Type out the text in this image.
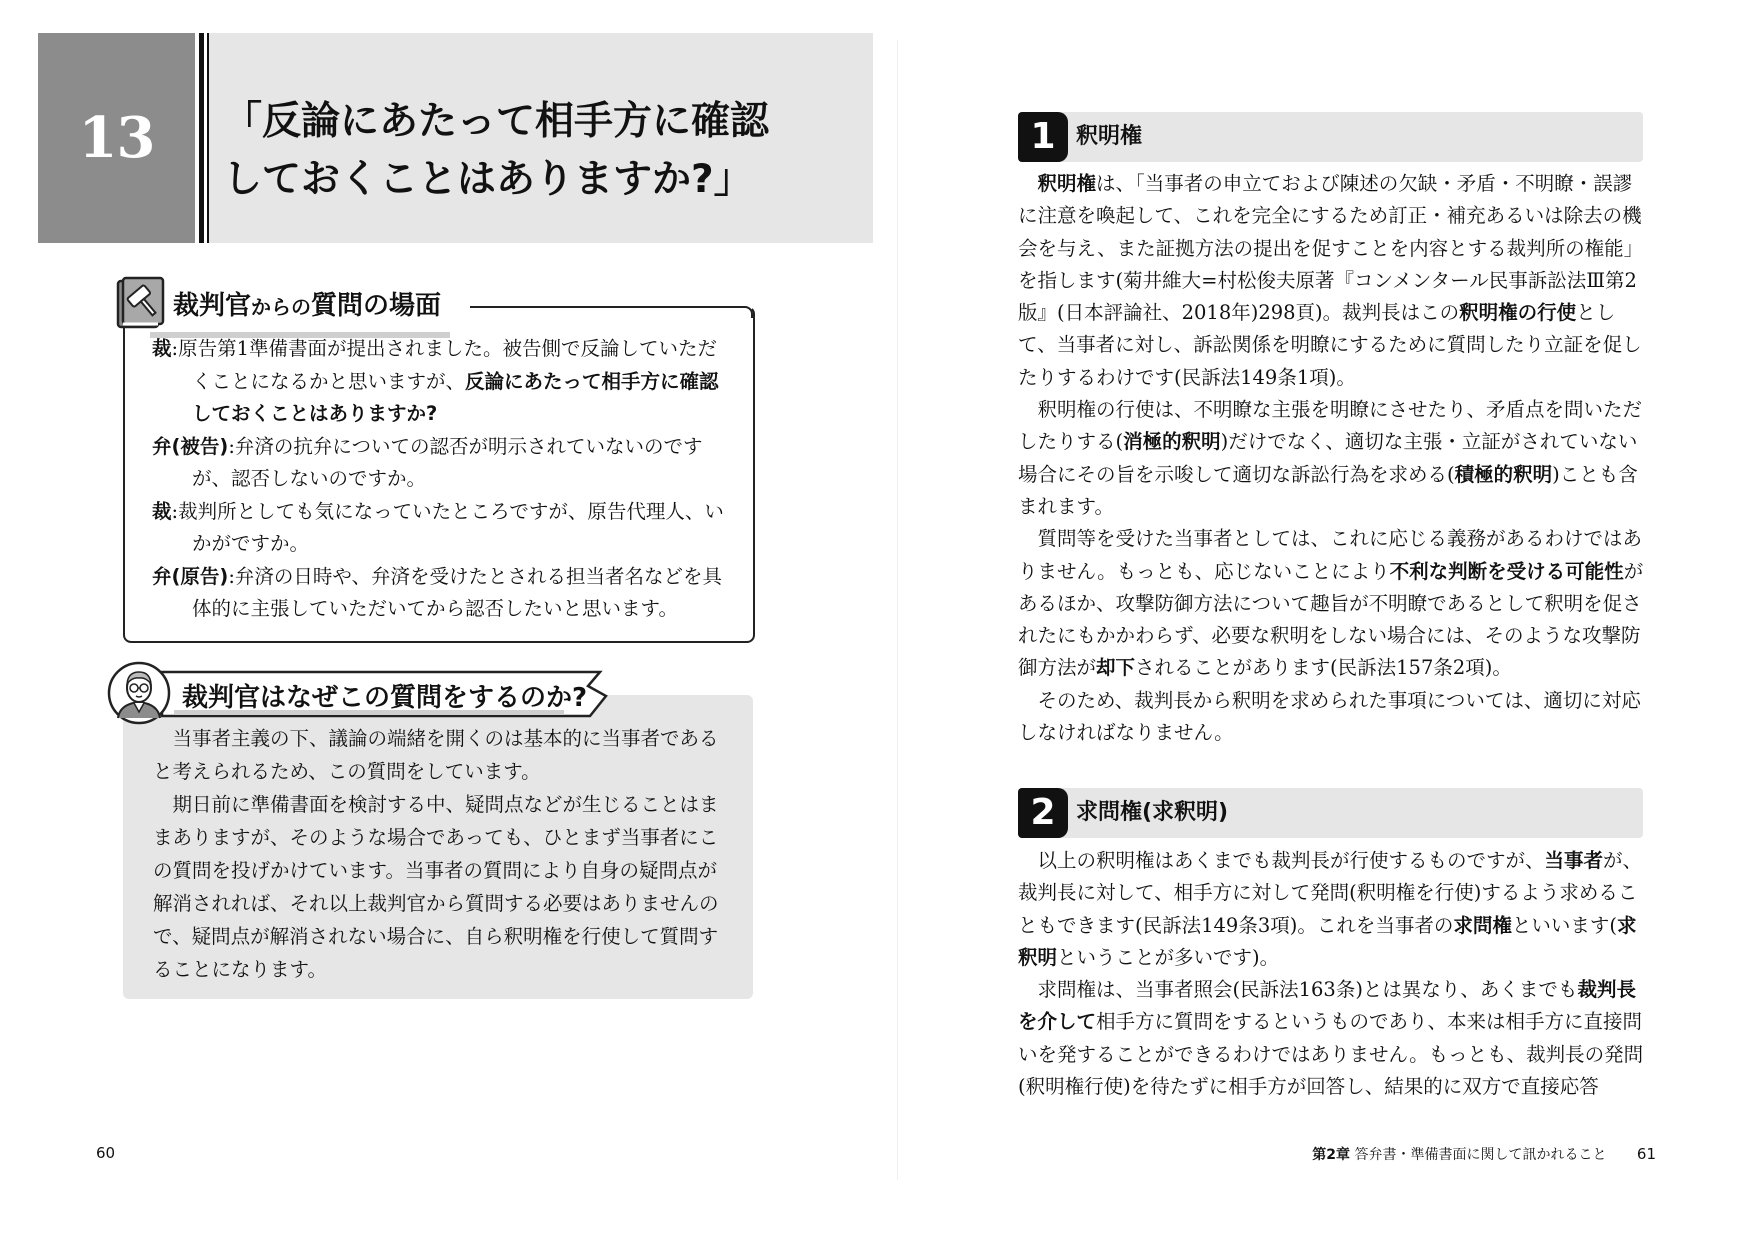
13	「反論にあたって相手方に確認
しておくことはありますか?」
裁判官からの質問の場面
裁:原告第1準備書面が提出されました。被告側で反論していただくことになるかと思いますが、反論にあたって相手方に確認しておくことはありますか?
弁(被告):弁済の抗弁についての認否が明示されていないのですが、認否しないのですか。
裁:裁判所としても気になっていたところですが、原告代理人、いかがですか。
弁(原告):弁済の日時や、弁済を受けたとされる担当者名などを具体的に主張していただいてから認否したいと思います。
裁判官はなぜこの質問をするのか?

当事者主義の下、議論の端緒を開くのは基本的に当事者であると考えられるため、この質問をしています。

期日前に準備書面を検討する中、疑問点などが生じることはままありますが、そのような場合であっても、ひとまず当事者にこの質問を投げかけています。当事者の質問により自身の疑問点が解消されれば、それ以上裁判官から質問する必要はありませんので、疑問点が解消されない場合に、自ら釈明権を行使して質問することになります。

60
1 釈明権

釈明権は、「当事者の申立ておよび陳述の欠缺・矛盾・不明瞭・誤謬に注意を喚起して、これを完全にするため訂正・補充あるいは除去の機会を与え、また証拠方法の提出を促すことを内容とする裁判所の権能」を指します(菊井維大=村松俊夫原著『コンメンタール民事訴訟法Ⅲ第2版』(日本評論社、2018年)298頁)。裁判長はこの釈明権の行使として、当事者に対し、訴訟関係を明瞭にするために質問したり立証を促したりするわけです(民訴法149条1項)。

釈明権の行使は、不明瞭な主張を明瞭にさせたり、矛盾点を問いただしたりする(消極的釈明)だけでなく、適切な主張・立証がされていない場合にその旨を示唆して適切な訴訟行為を求める(積極的釈明)ことも含まれます。

質問等を受けた当事者としては、これに応じる義務があるわけではありません。もっとも、応じないことにより不利な判断を受ける可能性があるほか、攻撃防御方法について趣旨が不明瞭であるとして釈明を促されたにもかかわらず、必要な釈明をしない場合には、そのような攻撃防御方法が却下されることがあります(民訴法157条2項)。

そのため、裁判長から釈明を求められた事項については、適切に対応しなければなりません。

2 求問権(求釈明)

以上の釈明権はあくまでも裁判長が行使するものですが、当事者が、裁判長に対して、相手方に対して発問(釈明権を行使)するよう求めることもできます(民訴法149条3項)。これを当事者の求問権といいます(求釈明ということが多いです)。

求問権は、当事者照会(民訴法163条)とは異なり、あくまでも裁判長を介して相手方に質問をするというものであり、本来は相手方に直接問いを発することができるわけではありません。もっとも、裁判長の発問(釈明権行使)を待たずに相手方が回答し、結果的に双方で直接応答

第2章 答弁書・準備書面に関して訊かれること 61
